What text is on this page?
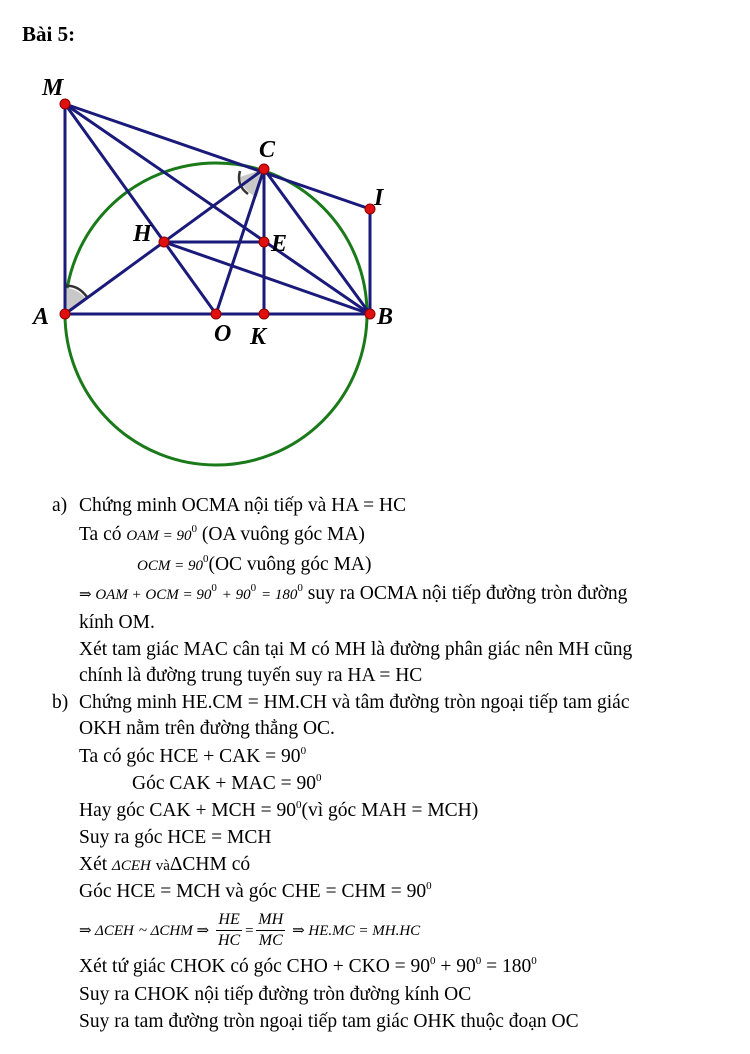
Bài 5:
M
C
I
H	E
A	B
O K
a) Chứng minh OCMA nội tiếp và HA = HC
Ta có OAM = $90^0$ (OA vuông góc MA)
OCM = $90^0(OC$ vuông góc MA)
⇒ OAM + OCM = $90^0 + 90^0 = 180^0$ suy ra OCMA nội tiếp đường tròn đường
kính OM.
Xét tam giác MAC cân tại M có MH là đường phân giác nên MH cũng
chính là đường trung tuyến suy ra HA = HC
b) Chứng minh HE.CM = HM.CH và tâm đường tròn ngoại tiếp tam giác
OKH nằm trên đường thẳng OC.
Ta có góc HCE + CAK = $90^0$
Góc CAK + MAC = $90^0$
Hay góc CAK + MCH = $90^0(vì$ góc MAH = MCH)
Suy ra góc HCE = MCH
Xét ΔCEH vàΔCHM có
Góc HCE = MCH và góc CHE = CHM = $90^0$
⇒ ΔCEH ~ ΔCHM ⇒ $\frac{HE}{HC} = \frac{MH}{MC}$ ⇒ HE.MC = MH.HC
Xét tứ giác CHOK có góc CHO + CKO = $90^0 + 90^0 = 180^0$
Suy ra CHOK nội tiếp đường tròn đường kính OC
Suy ra tam đường tròn ngoại tiếp tam giác OHK thuộc đoạn OC
